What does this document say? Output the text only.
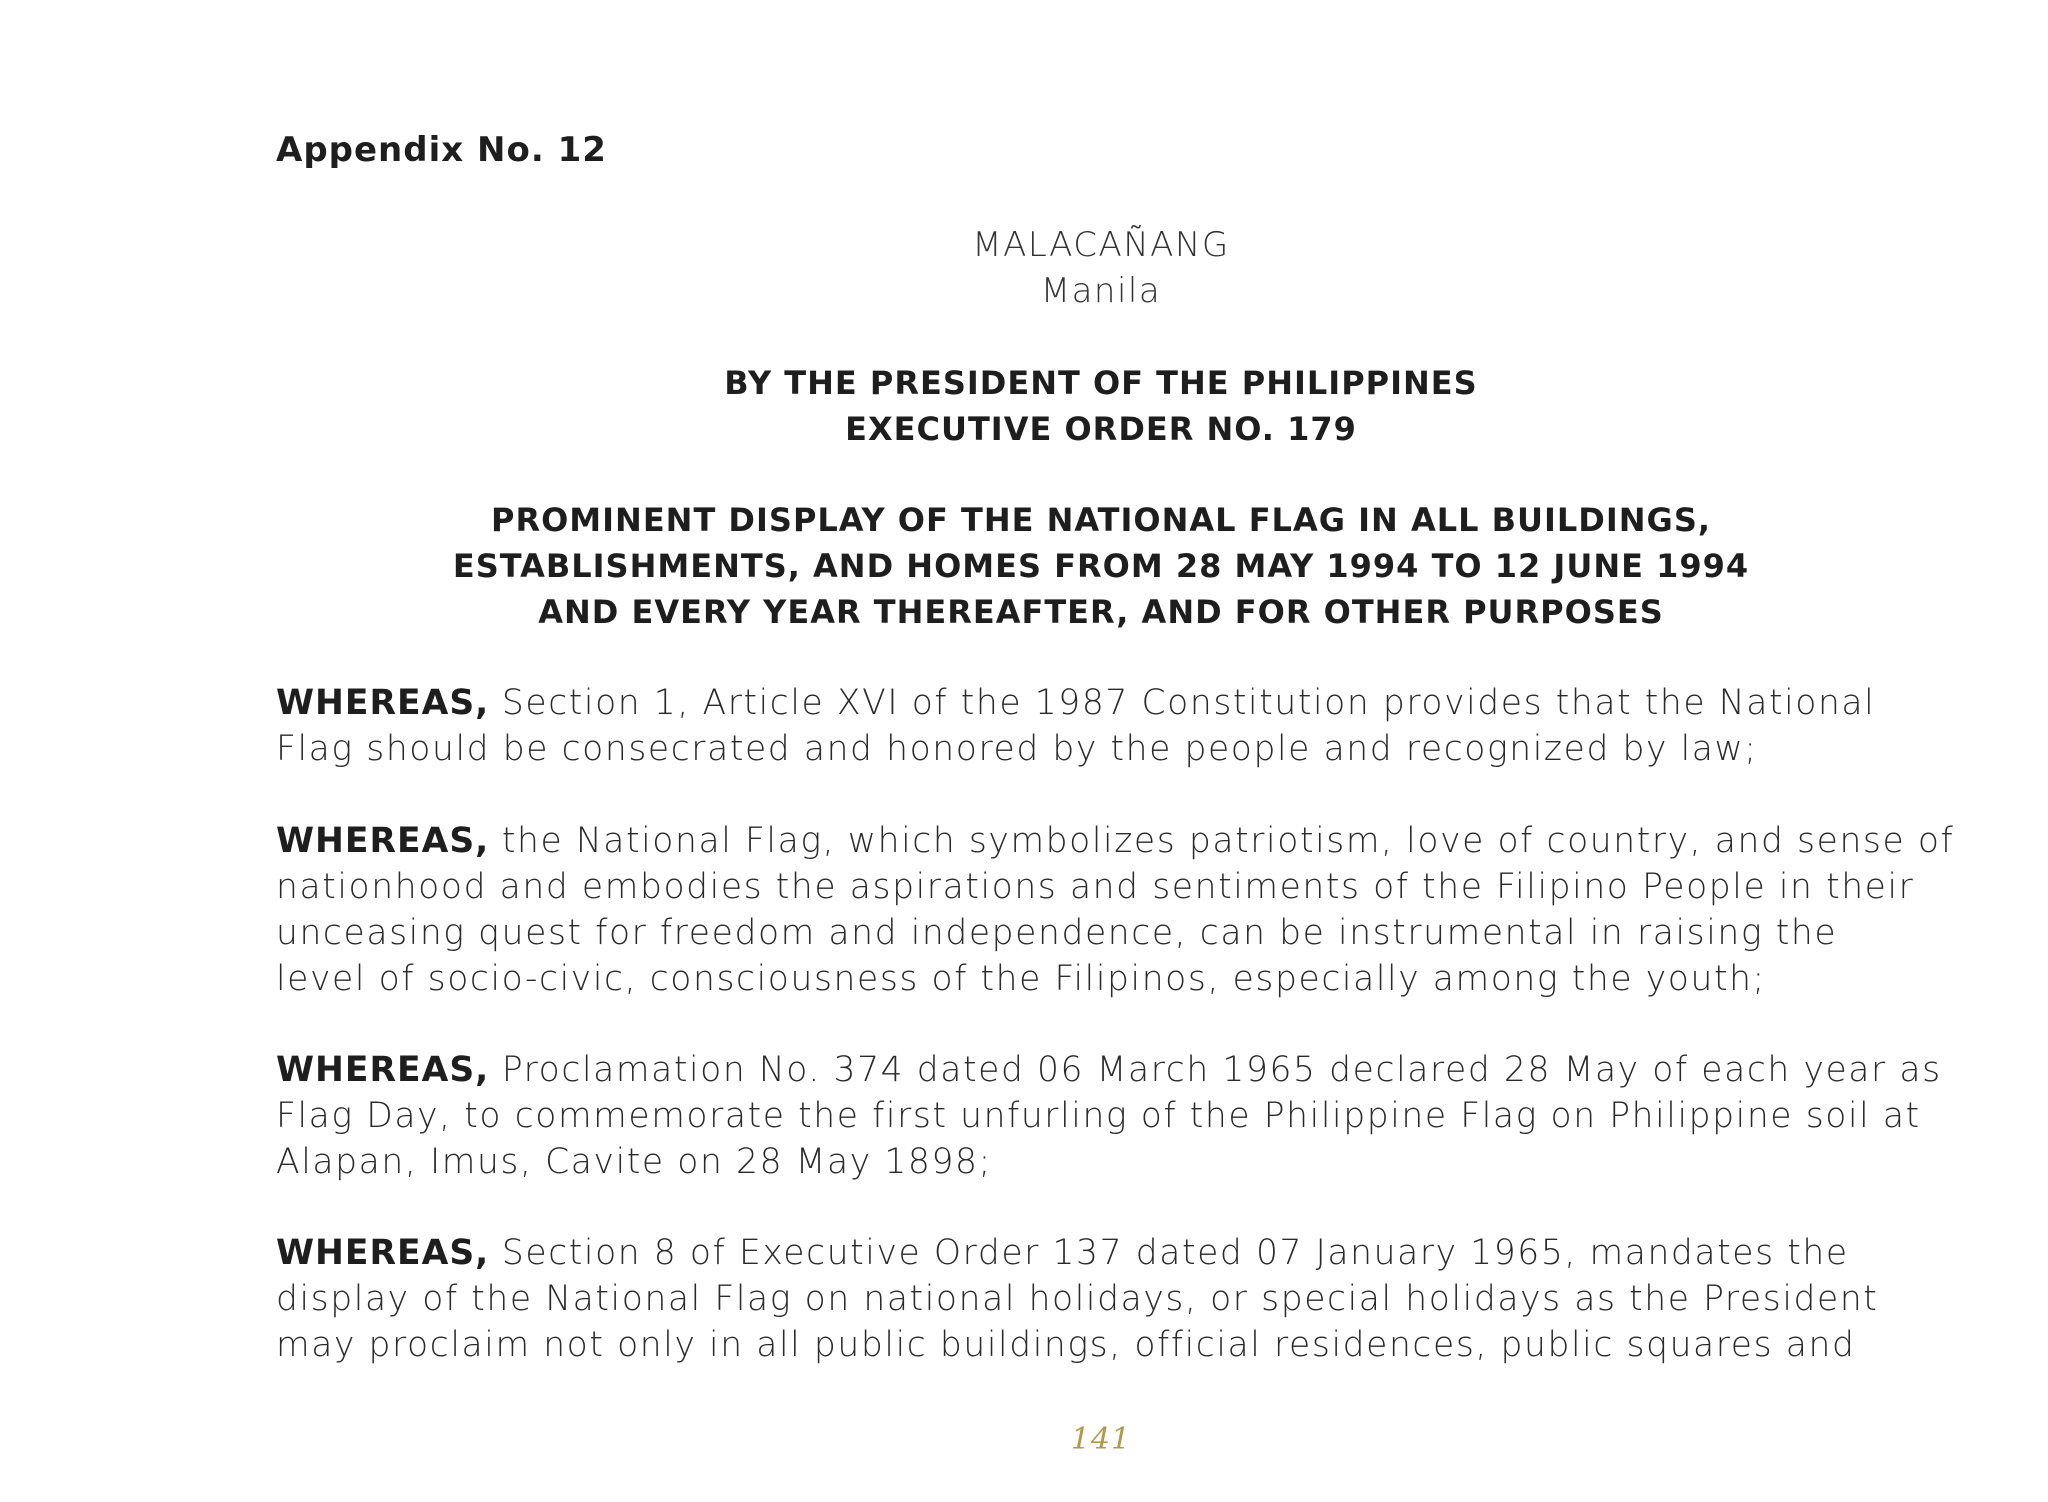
Appendix No. 12
MALACAÑANG
Manila
BY THE PRESIDENT OF THE PHILIPPINES
EXECUTIVE ORDER NO. 179
PROMINENT DISPLAY OF THE NATIONAL FLAG IN ALL BUILDINGS,
ESTABLISHMENTS, AND HOMES FROM 28 MAY 1994 TO 12 JUNE 1994
AND EVERY YEAR THEREAFTER, AND FOR OTHER PURPOSES
WHEREAS, Section 1, Article XVI of the 1987 Constitution provides that the National
Flag should be consecrated and honored by the people and recognized by law;
WHEREAS, the National Flag, which symbolizes patriotism, love of country, and sense of
nationhood and embodies the aspirations and sentiments of the Filipino People in their
unceasing quest for freedom and independence, can be instrumental in raising the
level of socio-civic, consciousness of the Filipinos, especially among the youth;
WHEREAS, Proclamation No. 374 dated 06 March 1965 declared 28 May of each year as
Flag Day, to commemorate the first unfurling of the Philippine Flag on Philippine soil at
Alapan, Imus, Cavite on 28 May 1898;
WHEREAS, Section 8 of Executive Order 137 dated 07 January 1965, mandates the
display of the National Flag on national holidays, or special holidays as the President
may proclaim not only in all public buildings, official residences, public squares and
141
